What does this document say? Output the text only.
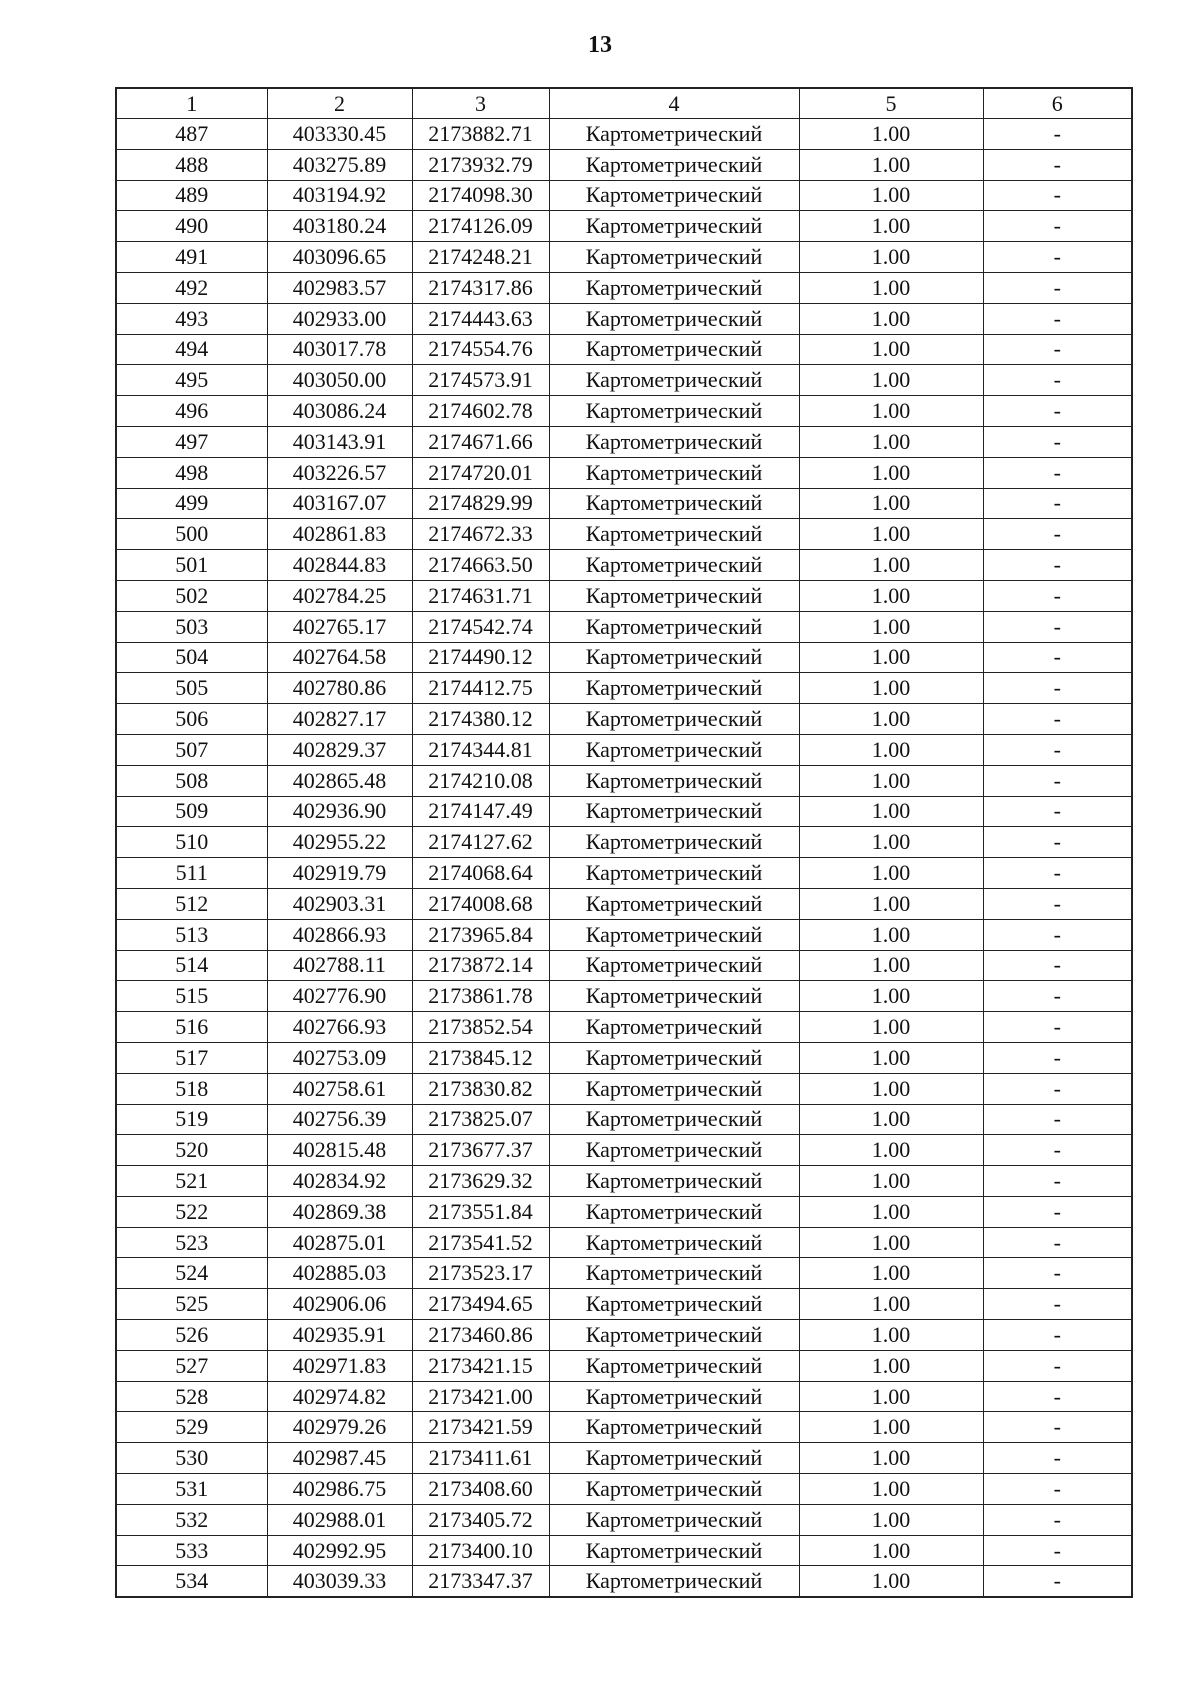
13
1	2	3	4	5	6
487	403330.45	2173882.71	Картометрический	1.00	-
488	403275.89	2173932.79	Картометрический	1.00	-
489	403194.92	2174098.30	Картометрический	1.00	-
490	403180.24	2174126.09	Картометрический	1.00	-
491	403096.65	2174248.21	Картометрический	1.00	-
492	402983.57	2174317.86	Картометрический	1.00	-
493	402933.00	2174443.63	Картометрический	1.00	-
494	403017.78	2174554.76	Картометрический	1.00	-
495	403050.00	2174573.91	Картометрический	1.00	-
496	403086.24	2174602.78	Картометрический	1.00	-
497	403143.91	2174671.66	Картометрический	1.00	-
498	403226.57	2174720.01	Картометрический	1.00	-
499	403167.07	2174829.99	Картометрический	1.00	-
500	402861.83	2174672.33	Картометрический	1.00	-
501	402844.83	2174663.50	Картометрический	1.00	-
502	402784.25	2174631.71	Картометрический	1.00	-
503	402765.17	2174542.74	Картометрический	1.00	-
504	402764.58	2174490.12	Картометрический	1.00	-
505	402780.86	2174412.75	Картометрический	1.00	-
506	402827.17	2174380.12	Картометрический	1.00	-
507	402829.37	2174344.81	Картометрический	1.00	-
508	402865.48	2174210.08	Картометрический	1.00	-
509	402936.90	2174147.49	Картометрический	1.00	-
510	402955.22	2174127.62	Картометрический	1.00	-
511	402919.79	2174068.64	Картометрический	1.00	-
512	402903.31	2174008.68	Картометрический	1.00	-
513	402866.93	2173965.84	Картометрический	1.00	-
514	402788.11	2173872.14	Картометрический	1.00	-
515	402776.90	2173861.78	Картометрический	1.00	-
516	402766.93	2173852.54	Картометрический	1.00	-
517	402753.09	2173845.12	Картометрический	1.00	-
518	402758.61	2173830.82	Картометрический	1.00	-
519	402756.39	2173825.07	Картометрический	1.00	-
520	402815.48	2173677.37	Картометрический	1.00	-
521	402834.92	2173629.32	Картометрический	1.00	-
522	402869.38	2173551.84	Картометрический	1.00	-
523	402875.01	2173541.52	Картометрический	1.00	-
524	402885.03	2173523.17	Картометрический	1.00	-
525	402906.06	2173494.65	Картометрический	1.00	-
526	402935.91	2173460.86	Картометрический	1.00	-
527	402971.83	2173421.15	Картометрический	1.00	-
528	402974.82	2173421.00	Картометрический	1.00	-
529	402979.26	2173421.59	Картометрический	1.00	-
530	402987.45	2173411.61	Картометрический	1.00	-
531	402986.75	2173408.60	Картометрический	1.00	-
532	402988.01	2173405.72	Картометрический	1.00	-
533	402992.95	2173400.10	Картометрический	1.00	-
534	403039.33	2173347.37	Картометрический	1.00	-
